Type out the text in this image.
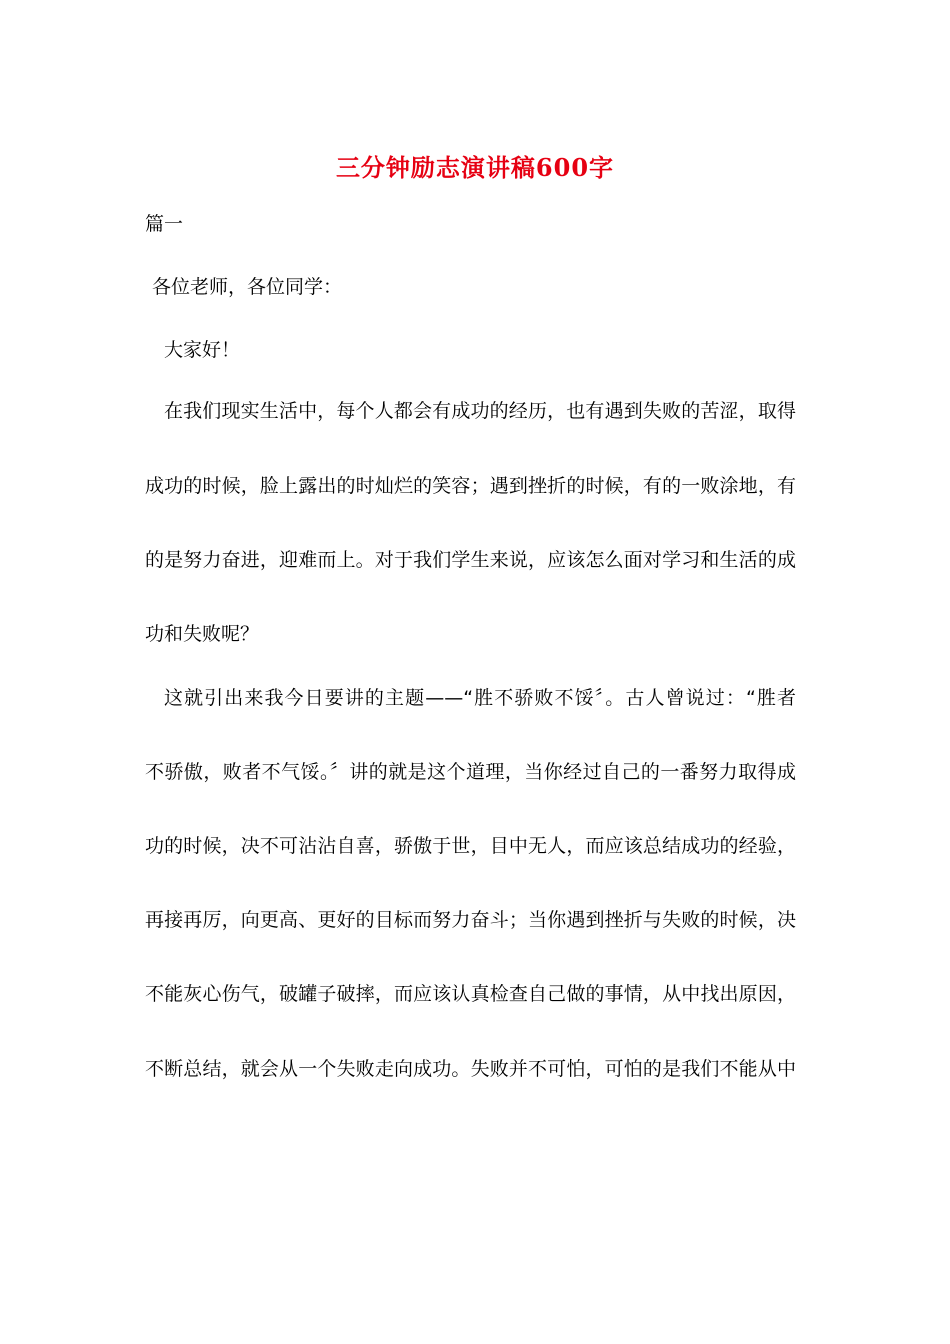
三分钟励志演讲稿600字
篇一
各位老师，各位同学：
大家好！
在我们现实生活中，每个人都会有成功的经历，也有遇到失败的苦涩，取得
成功的时候，脸上露出的时灿烂的笑容；遇到挫折的时候，有的一败涂地，有
的是努力奋进，迎难而上。对于我们学生来说，应该怎么面对学习和生活的成
功和失败呢？
这就引出来我今日要讲的主题——“胜不骄败不馁〞。古人曾说过：“胜者
不骄傲，败者不气馁。〞讲的就是这个道理，当你经过自己的一番努力取得成
功的时候，决不可沾沾自喜，骄傲于世，目中无人，而应该总结成功的经验，
再接再厉，向更高、更好的目标而努力奋斗；当你遇到挫折与失败的时候，决
不能灰心伤气，破罐子破摔，而应该认真检查自己做的事情，从中找出原因，
不断总结，就会从一个失败走向成功。失败并不可怕，可怕的是我们不能从中
